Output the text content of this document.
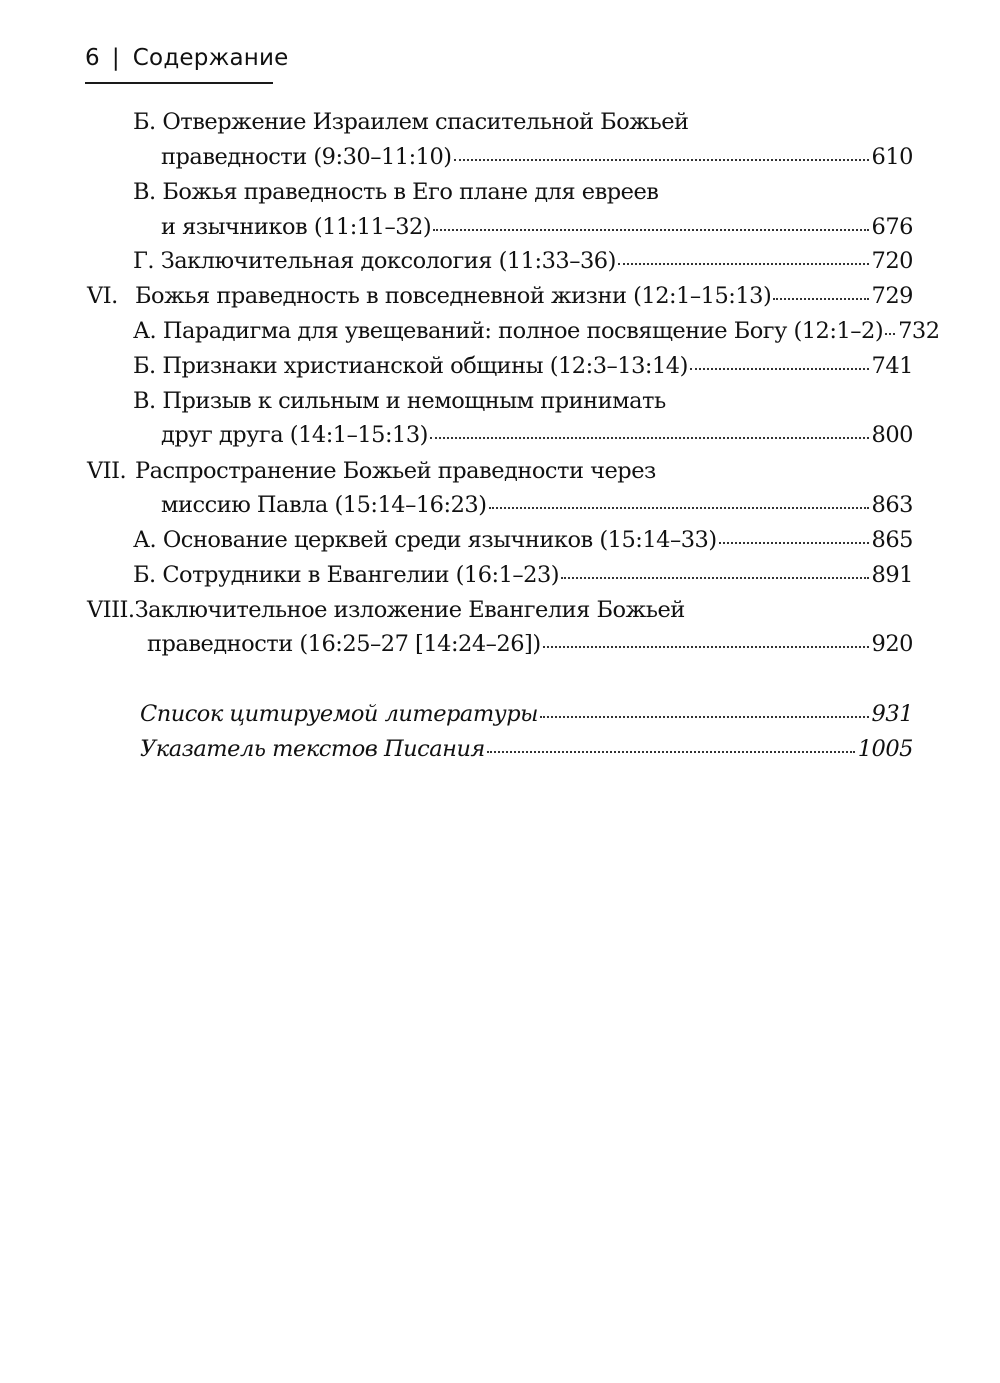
6 | Содержание
Б. Отвержение Израилем спасительной Божьей
праведности (9:30–11:10)	610
В. Божья праведность в Его плане для евреев
и язычников (11:11–32)	676
Г. Заключительная доксология (11:33–36)	720
VI. Божья праведность в повседневной жизни (12:1–15:13)	729
А. Парадигма для увещеваний: полное посвящение Богу (12:1–2) 732
Б. Признаки христианской общины (12:3–13:14)	741
В. Призыв к сильным и немощным принимать
друг друга (14:1–15:13)	800
VII. Распространение Божьей праведности через
миссию Павла (15:14–16:23)	863
А. Основание церквей среди язычников (15:14–33)	865
Б. Сотрудники в Евангелии (16:1–23)	891
VIII.Заключительное изложение Евангелия Божьей
праведности (16:25–27 [14:24–26])	920
Список цитируемой литературы	931
Указатель текстов Писания	1005
